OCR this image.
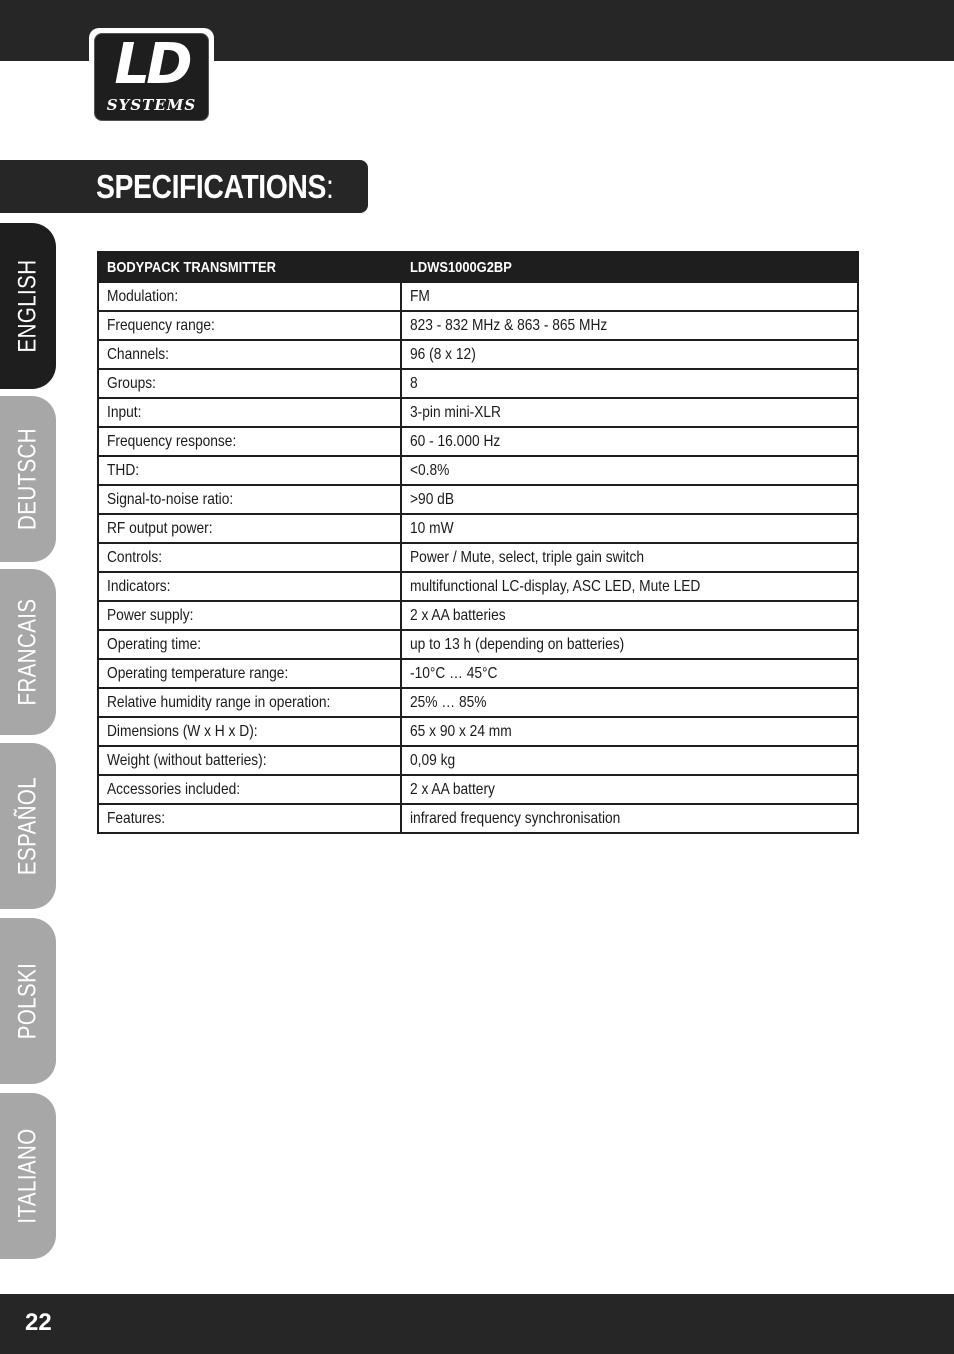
LD
SYSTEMS
SPECIFICATIONS:
ENGLISH
DEUTSCH
FRANCAIS
ESPAÑOL
POLSKI
ITALIANO
BODYPACK TRANSMITTER	LDWS1000G2BP
Modulation:	FM
Frequency range:	823 - 832 MHz & 863 - 865 MHz
Channels:	96 (8 x 12)
Groups:	8
Input:	3-pin mini-XLR
Frequency response:	60 - 16.000 Hz
THD:	<0.8%
Signal-to-noise ratio:	>90 dB
RF output power:	10 mW
Controls:	Power / Mute, select, triple gain switch
Indicators:	multifunctional LC-display, ASC LED, Mute LED
Power supply:	2 x AA batteries
Operating time:	up to 13 h (depending on batteries)
Operating temperature range:	-10°C … 45°C
Relative humidity range in operation:	25% … 85%
Dimensions (W x H x D):	65 x 90 x 24 mm
Weight (without batteries):	0,09 kg
Accessories included:	2 x AA battery
Features:	infrared frequency synchronisation
22
